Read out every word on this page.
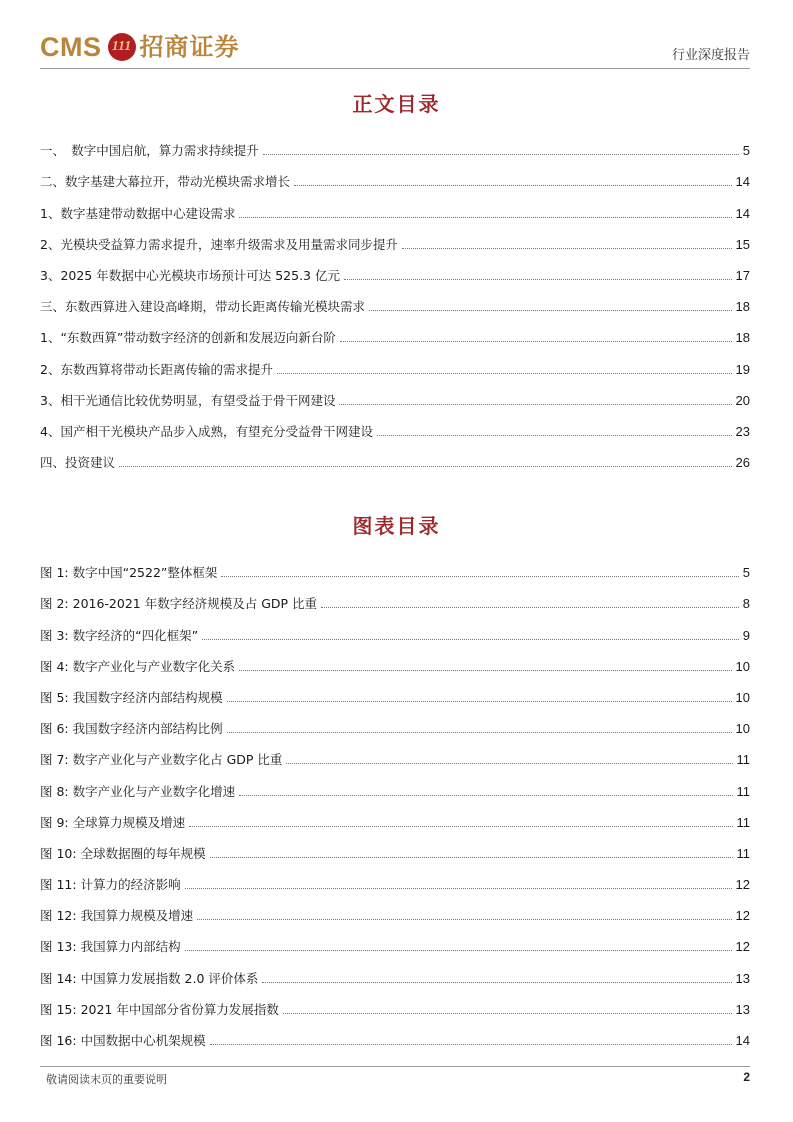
CMS 111 招商证券	行业深度报告
正文目录
一、　数字中国启航，算力需求持续提升	5
二、数字基建大幕拉开，带动光模块需求增长	14
1、数字基建带动数据中心建设需求	14
2、光模块受益算力需求提升，速率升级需求及用量需求同步提升	15
3、2025 年数据中心光模块市场预计可达 525.3 亿元	17
三、东数西算进入建设高峰期，带动长距离传输光模块需求	18
1、“东数西算”带动数字经济的创新和发展迈向新台阶	18
2、东数西算将带动长距离传输的需求提升	19
3、相干光通信比较优势明显，有望受益于骨干网建设	20
4、国产相干光模块产品步入成熟，有望充分受益骨干网建设	23
四、投资建议	26
图表目录
图 1: 数字中国“2522”整体框架	5
图 2: 2016-2021 年数字经济规模及占 GDP 比重	8
图 3: 数字经济的“四化框架”	9
图 4: 数字产业化与产业数字化关系	10
图 5: 我国数字经济内部结构规模	10
图 6: 我国数字经济内部结构比例	10
图 7: 数字产业化与产业数字化占 GDP 比重	11
图 8: 数字产业化与产业数字化增速	11
图 9: 全球算力规模及增速	11
图 10: 全球数据圈的每年规模	11
图 11: 计算力的经济影响	12
图 12: 我国算力规模及增速	12
图 13: 我国算力内部结构	12
图 14: 中国算力发展指数 2.0 评价体系	13
图 15: 2021 年中国部分省份算力发展指数	13
图 16: 中国数据中心机架规模	14
敬请阅读末页的重要说明	2
